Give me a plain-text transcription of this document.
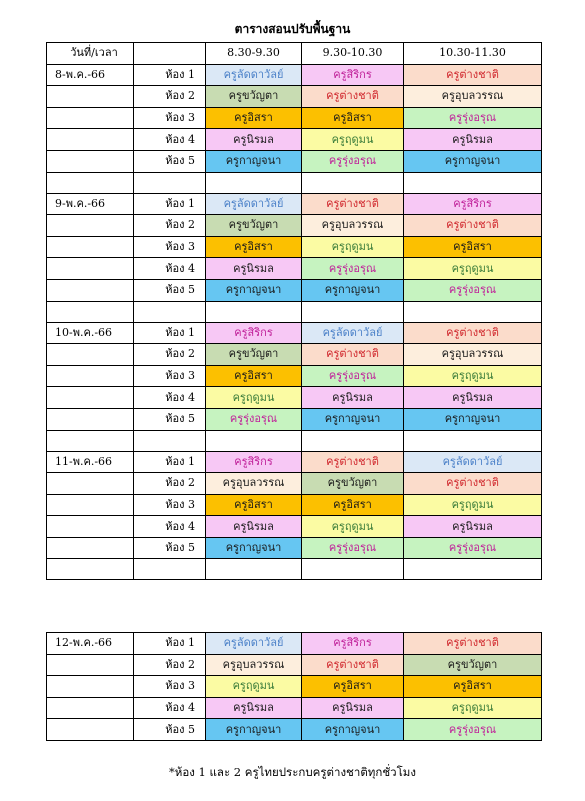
ตารางสอนปรับพื้นฐาน
วันที่/เวลา		8.30-9.30	9.30-10.30	10.30-11.30
8-พ.ค.-66	ห้อง 1	ครูลัดดาวัลย์	ครูสิริกร	ครูต่างชาติ
	ห้อง 2	ครูขวัญตา	ครูต่างชาติ	ครูอุบลวรรณ
	ห้อง 3	ครูอิสรา	ครูอิสรา	ครูรุ่งอรุณ
	ห้อง 4	ครูนิรมล	ครูฤดูมน	ครูนิรมล
	ห้อง 5	ครูกาญจนา	ครูรุ่งอรุณ	ครูกาญจนา

9-พ.ค.-66	ห้อง 1	ครูลัดดาวัลย์	ครูต่างชาติ	ครูสิริกร
	ห้อง 2	ครูขวัญตา	ครูอุบลวรรณ	ครูต่างชาติ
	ห้อง 3	ครูอิสรา	ครูฤดูมน	ครูอิสรา
	ห้อง 4	ครูนิรมล	ครูรุ่งอรุณ	ครูฤดูมน
	ห้อง 5	ครูกาญจนา	ครูกาญจนา	ครูรุ่งอรุณ

10-พ.ค.-66	ห้อง 1	ครูสิริกร	ครูลัดดาวัลย์	ครูต่างชาติ
	ห้อง 2	ครูขวัญตา	ครูต่างชาติ	ครูอุบลวรรณ
	ห้อง 3	ครูอิสรา	ครูรุ่งอรุณ	ครูฤดูมน
	ห้อง 4	ครูฤดูมน	ครูนิรมล	ครูนิรมล
	ห้อง 5	ครูรุ่งอรุณ	ครูกาญจนา	ครูกาญจนา

11-พ.ค.-66	ห้อง 1	ครูสิริกร	ครูต่างชาติ	ครูลัดดาวัลย์
	ห้อง 2	ครูอุบลวรรณ	ครูขวัญตา	ครูต่างชาติ
	ห้อง 3	ครูอิสรา	ครูอิสรา	ครูฤดูมน
	ห้อง 4	ครูนิรมล	ครูฤดูมน	ครูนิรมล
	ห้อง 5	ครูกาญจนา	ครูรุ่งอรุณ	ครูรุ่งอรุณ

12-พ.ค.-66	ห้อง 1	ครูลัดดาวัลย์	ครูสิริกร	ครูต่างชาติ
	ห้อง 2	ครูอุบลวรรณ	ครูต่างชาติ	ครูขวัญตา
	ห้อง 3	ครูฤดูมน	ครูอิสรา	ครูอิสรา
	ห้อง 4	ครูนิรมล	ครูนิรมล	ครูฤดูมน
	ห้อง 5	ครูกาญจนา	ครูกาญจนา	ครูรุ่งอรุณ
*ห้อง 1 และ 2 ครูไทยประกบครูต่างชาติทุกชั่วโมง
